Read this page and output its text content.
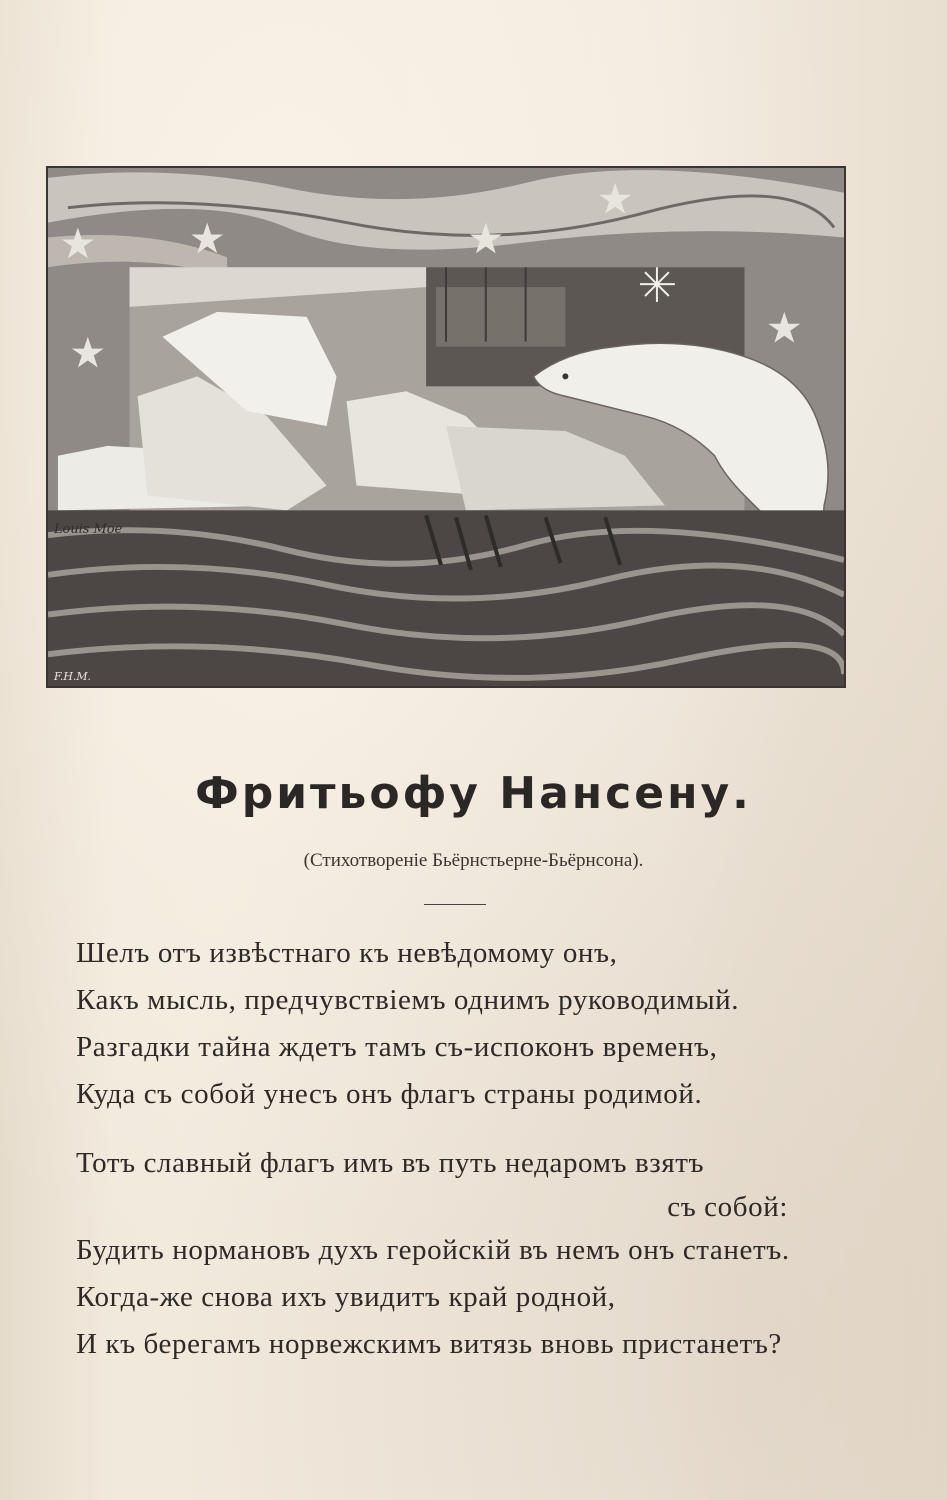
Louis Moe
F.H.M.
Фритьофу Нансену.
(Стихотвореніе Бьёрнстьерне-Бьёрнсона).
Шелъ отъ извѣстнаго къ невѣдомому онъ,
Какъ мысль, предчувствіемъ однимъ руководимый.
Разгадки тайна ждетъ тамъ съ-испоконъ временъ,
Куда съ собой унесъ онъ флагъ страны родимой.
Тотъ славный флагъ имъ въ путь недаромъ взятъ
съ собой:
Будить нормановъ духъ геройскій въ немъ онъ станетъ.
Когда-же снова ихъ увидитъ край родной,
И къ берегамъ норвежскимъ витязь вновь пристанетъ?
